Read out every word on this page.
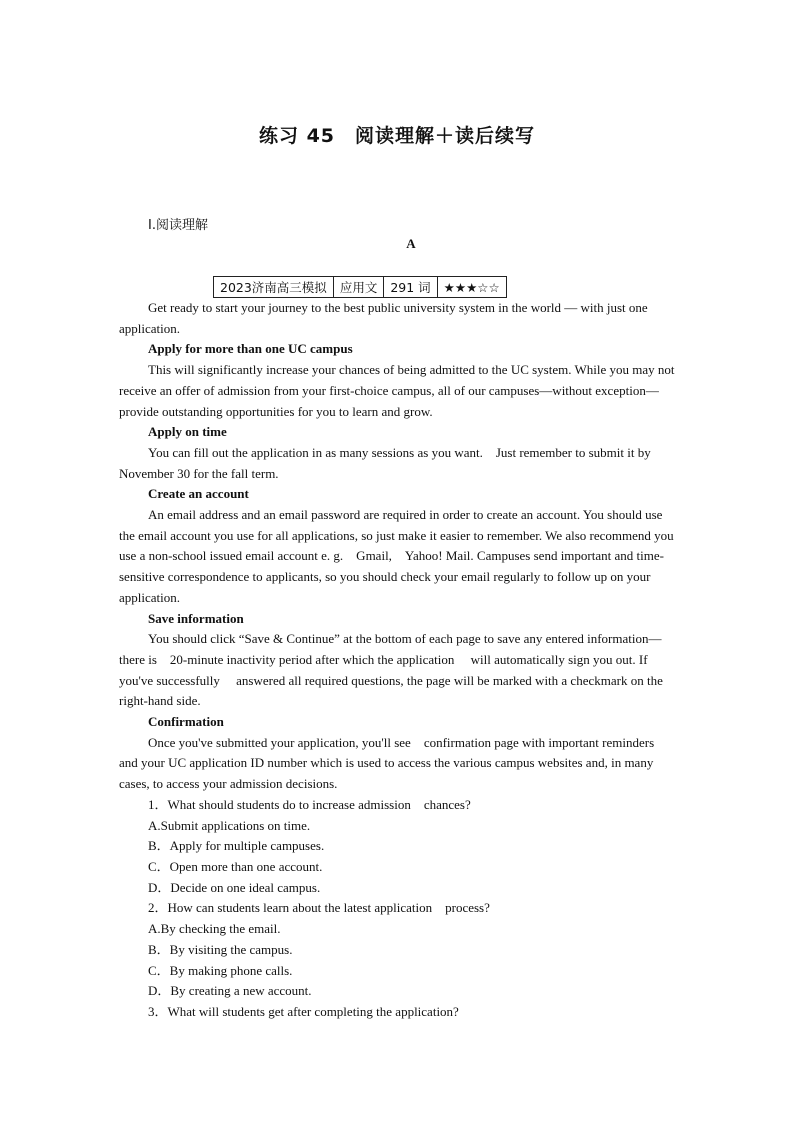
练习 45　阅读理解＋读后续写
Ⅰ.阅读理解
A
2023济南高三模拟	应用文	291 词	★★★☆☆

Get ready to start your journey to the best public university system in the world — with just one application.

Apply for more than one UC campus

This will significantly increase your chances of being admitted to the UC system. While you may not receive an offer of admission from your first-choice campus, all of our campuses—without exception—provide outstanding opportunities for you to learn and grow.

Apply on time

You can fill out the application in as many sessions as you want.　Just remember to submit it by November 30 for the fall term.

Create an account

An email address and an email password are required in order to create an account. You should use the email account you use for all applications, so just make it easier to remember. We also recommend you use a non-school issued email account e. g.　Gmail,　Yahoo! Mail. Campuses send important and time-sensitive correspondence to applicants, so you should check your email regularly to follow up on your application.

Save information

You should click “Save & Continue” at the bottom of each page to save any entered information—there is　20-minute inactivity period after which the application　 will automatically sign you out. If you've successfully　 answered all required questions, the page will be marked with a checkmark on the right-hand side.

Confirmation

Once you've submitted your application, you'll see　confirmation page with important reminders and your UC application ID number which is used to access the various campus websites and, in many cases, to access your admission decisions.

1．What should students do to increase admission　chances?

A.Submit applications on time.

B．Apply for multiple campuses.

C．Open more than one account.

D．Decide on one ideal campus.

2．How can students learn about the latest application　process?

A.By checking the email.

B．By visiting the campus.

C．By making phone calls.

D．By creating a new account.

3．What will students get after completing the application?
